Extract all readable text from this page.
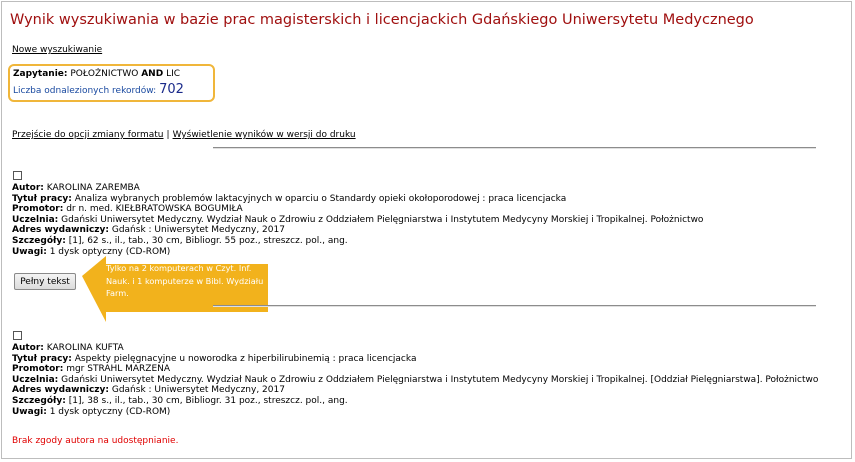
Wynik wyszukiwania w bazie prac magisterskich i licencjackich Gdańskiego Uniwersytetu Medycznego
Nowe wyszukiwanie
Zapytanie: POŁOŻNICTWO AND LIC
Liczba odnalezionych rekordów: 702
Przejście do opcji zmiany formatu | Wyświetlenie wyników w wersji do druku
Autor: KAROLINA ZAREMBA
Tytuł pracy: Analiza wybranych problemów laktacyjnych w oparciu o Standardy opieki okołoporodowej : praca licencjacka
Promotor: dr n. med. KIEŁBRATOWSKA BOGUMIŁA
Uczelnia: Gdański Uniwersytet Medyczny. Wydział Nauk o Zdrowiu z Oddziałem Pielęgniarstwa i Instytutem Medycyny Morskiej i Tropikalnej. Położnictwo
Adres wydawniczy: Gdańsk : Uniwersytet Medyczny, 2017
Szczegóły: [1], 62 s., il., tab., 30 cm, Bibliogr. 55 poz., streszcz. pol., ang.
Uwagi: 1 dysk optyczny (CD-ROM)
Pełny tekst
Tylko na 2 komputerach w Czyt. Inf. Nauk. i 1 komputerze w Bibl. Wydziału Farm.
Autor: KAROLINA KUFTA
Tytuł pracy: Aspekty pielęgnacyjne u noworodka z hiperbilirubinemią : praca licencjacka
Promotor: mgr STRAHL MARZENA
Uczelnia: Gdański Uniwersytet Medyczny. Wydział Nauk o Zdrowiu z Oddziałem Pielęgniarstwa i Instytutem Medycyny Morskiej i Tropikalnej. [Oddział Pielęgniarstwa]. Położnictwo
Adres wydawniczy: Gdańsk : Uniwersytet Medyczny, 2017
Szczegóły: [1], 38 s., il., tab., 30 cm, Bibliogr. 31 poz., streszcz. pol., ang.
Uwagi: 1 dysk optyczny (CD-ROM)
Brak zgody autora na udostępnianie.
